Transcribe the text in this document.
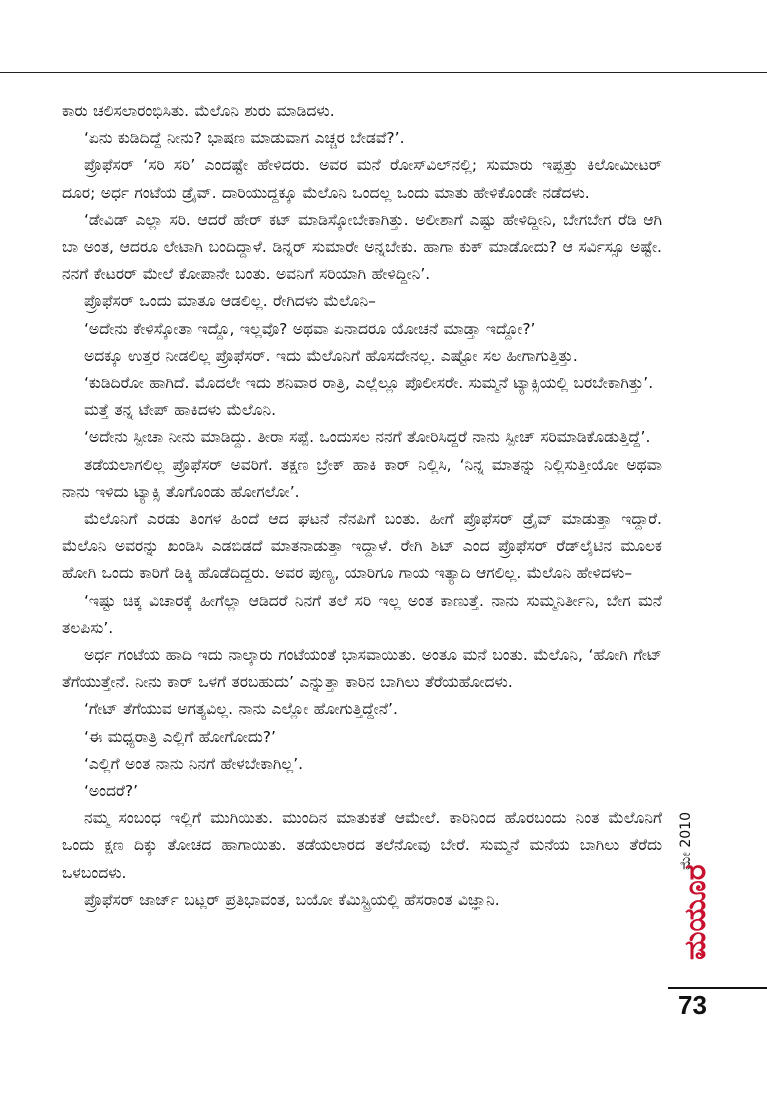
ಕಾರು ಚಲಿಸಲಾರಂಭಿಸಿತು. ಮೆಲೊನಿ ಶುರು ಮಾಡಿದಳು.

‘ಏನು ಕುಡಿದಿದ್ದೆ ನೀನು? ಭಾಷಣ ಮಾಡುವಾಗ ಎಚ್ಚರ ಬೇಡವೆ?’.

ಪ್ರೊಫೆಸರ್ ‘ಸರಿ ಸರಿ’ ಎಂದಷ್ಟೇ ಹೇಳಿದರು. ಅವರ ಮನೆ ರೋಸ್‌ವಿಲ್‌ನಲ್ಲಿ; ಸುಮಾರು ಇಪ್ಪತ್ತು ಕಿಲೋಮೀಟರ್ ದೂರ; ಅರ್ಧ ಗಂಟೆಯ ಡ್ರೈವ್. ದಾರಿಯುದ್ದಕ್ಕೂ ಮೆಲೊನಿ ಒಂದಲ್ಲ ಒಂದು ಮಾತು ಹೇಳಿಕೊಂಡೇ ನಡೆದಳು.

‘ಡೇವಿಡ್ ಎಲ್ಲಾ ಸರಿ. ಆದರೆ ಹೇರ್ ಕಟ್ ಮಾಡಿಸ್ಕೋಬೇಕಾಗಿತ್ತು. ಅಲೀಶಾಗೆ ಎಷ್ಟು ಹೇಳಿದ್ದೀನಿ, ಬೇಗಬೇಗ ರೆಡಿ ಆಗಿ ಬಾ ಅಂತ, ಆದರೂ ಲೇಟಾಗಿ ಬಂದಿದ್ದಾಳೆ. ಡಿನ್ನರ್ ಸುಮಾರೇ ಅನ್ನಬೇಕು. ಹಾಗಾ ಕುಕ್ ಮಾಡೋದು? ಆ ಸರ್ವಿಸ್ಸೂ ಅಷ್ಟೇ. ನನಗೆ ಕೇಟರರ್ ಮೇಲೆ ಕೋಪಾನೇ ಬಂತು. ಅವನಿಗೆ ಸರಿಯಾಗಿ ಹೇಳಿದ್ದೀನಿ’.

ಪ್ರೊಫೆಸರ್ ಒಂದು ಮಾತೂ ಆಡಲಿಲ್ಲ. ರೇಗಿದಳು ಮೆಲೊನಿ–

‘ಅದೇನು ಕೇಳಿಸ್ಕೋತಾ ಇದ್ದೊ, ಇಲ್ಲವೊ? ಅಥವಾ ಏನಾದರೂ ಯೋಚನೆ ಮಾಡ್ತಾ ಇದ್ದೋ?’

ಅದಕ್ಕೂ ಉತ್ತರ ನೀಡಲಿಲ್ಲ ಪ್ರೊಫೆಸರ್. ಇದು ಮೆಲೊನಿಗೆ ಹೊಸದೇನಲ್ಲ. ಎಷ್ಟೋ ಸಲ ಹೀಗಾಗುತ್ತಿತ್ತು.

‘ಕುಡಿದಿರೋ ಹಾಗಿದೆ. ಮೊದಲೇ ಇದು ಶನಿವಾರ ರಾತ್ರಿ, ಎಲ್ಲೆಲ್ಲೂ ಪೊಲೀಸರೇ. ಸುಮ್ಮನೆ ಟ್ಯಾಕ್ಸಿಯಲ್ಲಿ ಬರಬೇಕಾಗಿತ್ತು’.

ಮತ್ತೆ ತನ್ನ ಟೇಪ್ ಹಾಕಿದಳು ಮೆಲೊನಿ.

‘ಅದೇನು ಸ್ಪೀಚಾ ನೀನು ಮಾಡಿದ್ದು. ತೀರಾ ಸಪ್ಪೆ. ಒಂದುಸಲ ನನಗೆ ತೋರಿಸಿದ್ದರೆ ನಾನು ಸ್ಪೀಚ್ ಸರಿಮಾಡಿಕೊಡುತ್ತಿದ್ದೆ’.

ತಡೆಯಲಾಗಲಿಲ್ಲ ಪ್ರೊಫೆಸರ್ ಅವರಿಗೆ. ತಕ್ಷಣ ಬ್ರೇಕ್ ಹಾಕಿ ಕಾರ್ ನಿಲ್ಲಿಸಿ, ‘ನಿನ್ನ ಮಾತನ್ನು ನಿಲ್ಲಿಸುತ್ತೀಯೋ ಅಥವಾ ನಾನು ಇಳಿದು ಟ್ಯಾಕ್ಸಿ ತೊಗೊಂಡು ಹೋಗಲೋ’.

ಮೆಲೊನಿಗೆ ಎರಡು ತಿಂಗಳ ಹಿಂದೆ ಆದ ಘಟನೆ ನೆನಪಿಗೆ ಬಂತು. ಹೀಗೆ ಪ್ರೊಫೆಸರ್ ಡ್ರೈವ್ ಮಾಡುತ್ತಾ ಇದ್ದಾರೆ. ಮೆಲೊನಿ ಅವರನ್ನು ಖಂಡಿಸಿ ಎಡಬಿಡದೆ ಮಾತನಾಡುತ್ತಾ ಇದ್ದಾಳೆ. ರೇಗಿ ಶಿಟ್ ಎಂದ ಪ್ರೊಫೆಸರ್ ರೆಡ್‌ಲೈಟಿನ ಮೂಲಕ ಹೋಗಿ ಒಂದು ಕಾರಿಗೆ ಡಿಕ್ಕಿ ಹೊಡೆದಿದ್ದರು. ಅವರ ಪುಣ್ಯ, ಯಾರಿಗೂ ಗಾಯ ಇತ್ಯಾದಿ ಆಗಲಿಲ್ಲ. ಮೆಲೊನಿ ಹೇಳಿದಳು–

‘ಇಷ್ಟು ಚಿಕ್ಕ ವಿಚಾರಕ್ಕೆ ಹೀಗೆಲ್ಲಾ ಆಡಿದರೆ ನಿನಗೆ ತಲೆ ಸರಿ ಇಲ್ಲ ಅಂತ ಕಾಣುತ್ತೆ. ನಾನು ಸುಮ್ಮನಿರ್ತೀನಿ, ಬೇಗ ಮನೆ ತಲಪಿಸು’.

ಅರ್ಧ ಗಂಟೆಯ ಹಾದಿ ಇದು ನಾಲ್ಕಾರು ಗಂಟೆಯಂತೆ ಭಾಸವಾಯಿತು. ಅಂತೂ ಮನೆ ಬಂತು. ಮೆಲೊನಿ, ‘ಹೋಗಿ ಗೇಟ್ ತೆಗೆಯುತ್ತೇನೆ. ನೀನು ಕಾರ್ ಒಳಗೆ ತರಬಹುದು’ ಎನ್ನುತ್ತಾ ಕಾರಿನ ಬಾಗಿಲು ತೆರೆಯಹೋದಳು.

‘ಗೇಟ್ ತೆಗೆಯುವ ಅಗತ್ಯವಿಲ್ಲ. ನಾನು ಎಲ್ಲೋ ಹೋಗುತ್ತಿದ್ದೇನೆ’.

‘ಈ ಮಧ್ಯರಾತ್ರಿ ಎಲ್ಲಿಗೆ ಹೋಗೋದು?’

‘ಎಲ್ಲಿಗೆ ಅಂತ ನಾನು ನಿನಗೆ ಹೇಳಬೇಕಾಗಿಲ್ಲ’.

‘ಅಂದರೆ?’

ನಮ್ಮ ಸಂಬಂಧ ಇಲ್ಲಿಗೆ ಮುಗಿಯಿತು. ಮುಂದಿನ ಮಾತುಕತೆ ಆಮೇಲೆ. ಕಾರಿನಿಂದ ಹೊರಬಂದು ನಿಂತ ಮೆಲೊನಿಗೆ ಒಂದು ಕ್ಷಣ ದಿಕ್ಕು ತೋಚದ ಹಾಗಾಯಿತು. ತಡೆಯಲಾರದ ತಲೆನೋವು ಬೇರೆ. ಸುಮ್ಮನೆ ಮನೆಯ ಬಾಗಿಲು ತೆರೆದು ಒಳಬಂದಳು.

ಪ್ರೊಫೆಸರ್ ಜಾರ್ಜ್ ಬಟ್ಲರ್ ಪ್ರತಿಭಾವಂತ, ಬಯೋ ಕೆಮಿಸ್ಟ್ರಿಯಲ್ಲಿ ಹೆಸರಾಂತ ವಿಜ್ಞಾನಿ.

ಮೇ 2010
ಮಯೂರ
73
